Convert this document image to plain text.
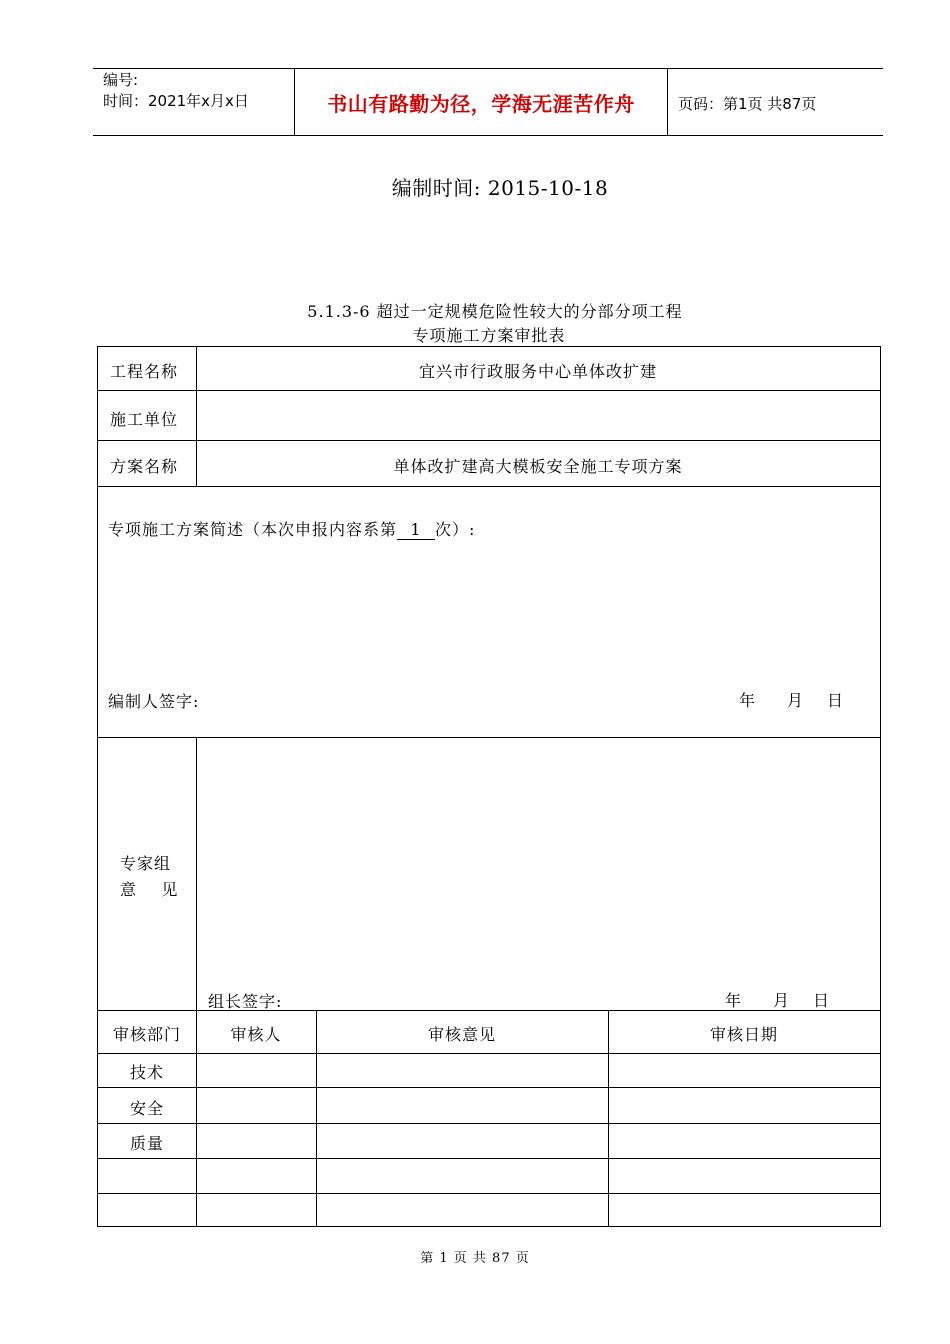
编号:
时间：2021年x月x日	书山有路勤为径，学海无涯苦作舟	页码：第1页 共87页
编制时间: 2015-10-18
5.1.3-6 超过一定规模危险性较大的分部分项工程
专项施工方案审批表
工程名称	宜兴市行政服务中心单体改扩建
施工单位
方案名称	单体改扩建高大模板安全施工专项方案
专项施工方案简述（本次申报内容系第 1 次）:
编制人签字:	年 月 日
专家组
意    见
组长签字:	年 月 日
审核部门	审核人	审核意见	审核日期
技术
安全
质量
第 1 页 共 87 页
